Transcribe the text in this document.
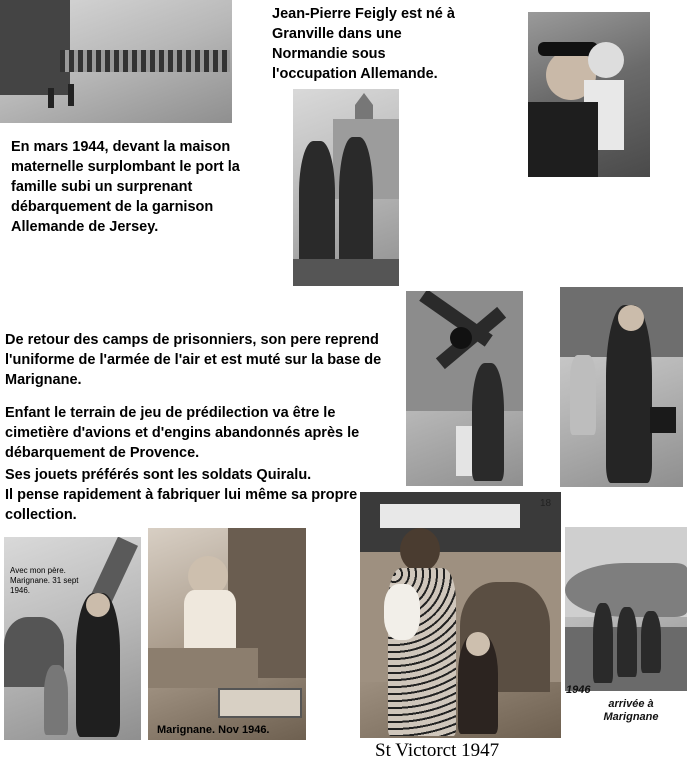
Jean-Pierre Feigly est né à Granville dans une Normandie sous l'occupation Allemande.
En mars 1944, devant la maison maternelle surplombant le port la famille subi un surprenant débarquement de la garnison Allemande de Jersey.
De retour des camps de prisonniers, son pere reprend l'uniforme de l'armée de l'air et est muté sur la base de Marignane.
Enfant le terrain de jeu de prédilection va être le cimetière d'avions et d'engins abandonnés après le débarquement de Provence.
Ses jouets préférés sont les soldats Quiralu.
Il pense rapidement à fabriquer lui même sa propre collection.
Avec mon père. Marignane. 31 sept 1946.
Marignane. Nov 1946.
18
1946
arrivée à Marignane
St Victorct 1947
